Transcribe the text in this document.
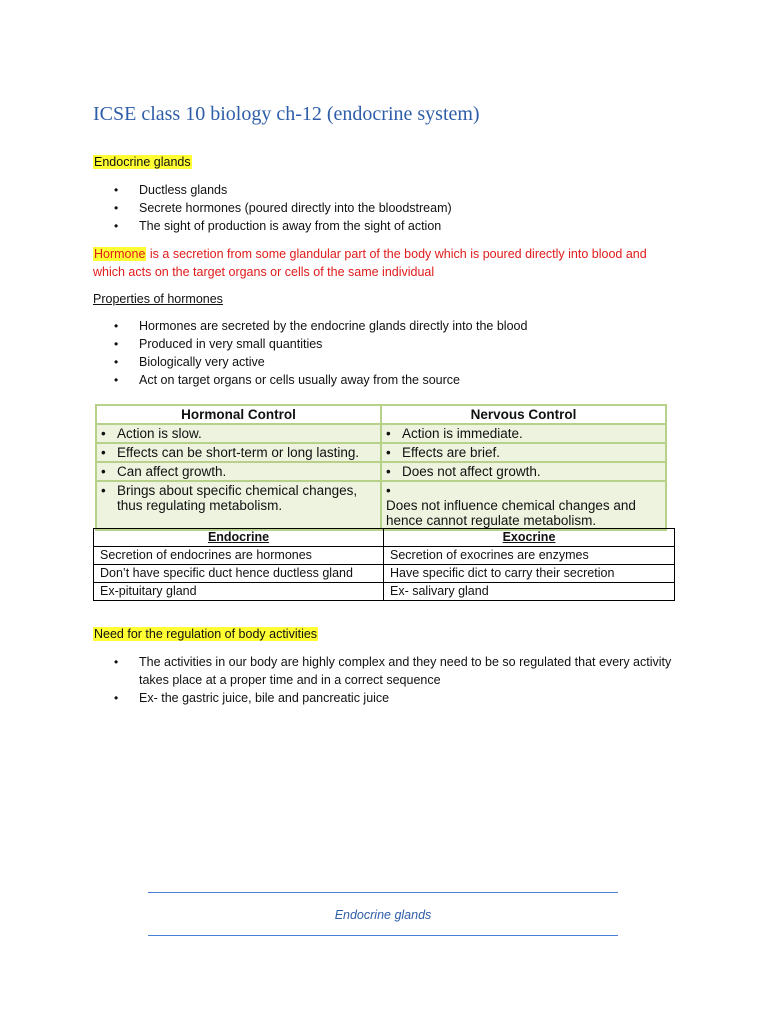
ICSE class 10 biology ch-12 (endocrine system)
Endocrine glands
• Ductless glands
• Secrete hormones (poured directly into the bloodstream)
• The sight of production is away from the sight of action
Hormone is a secretion from some glandular part of the body which is poured directly into blood and which acts on the target organs or cells of the same individual
Properties of hormones
• Hormones are secreted by the endocrine glands directly into the blood
• Produced in very small quantities
• Biologically very active
• Act on target organs or cells usually away from the source
Hormonal Control	Nervous Control
• Action is slow.	• Action is immediate.
• Effects can be short-term or long lasting.	• Effects are brief.
• Can affect growth.	• Does not affect growth.
• Brings about specific chemical changes, thus regulating metabolism.	•Does not influence chemical changes and hence cannot regulate metabolism.
Endocrine	Exocrine
Secretion of endocrines are hormones	Secretion of exocrines are enzymes
Don’t have specific duct hence ductless gland	Have specific dict to carry their secretion
Ex-pituitary gland	Ex- salivary gland
Need for the regulation of body activities
• The activities in our body are highly complex and they need to be so regulated that every activity takes place at a proper time and in a correct sequence
• Ex- the gastric juice, bile and pancreatic juice
Endocrine glands
